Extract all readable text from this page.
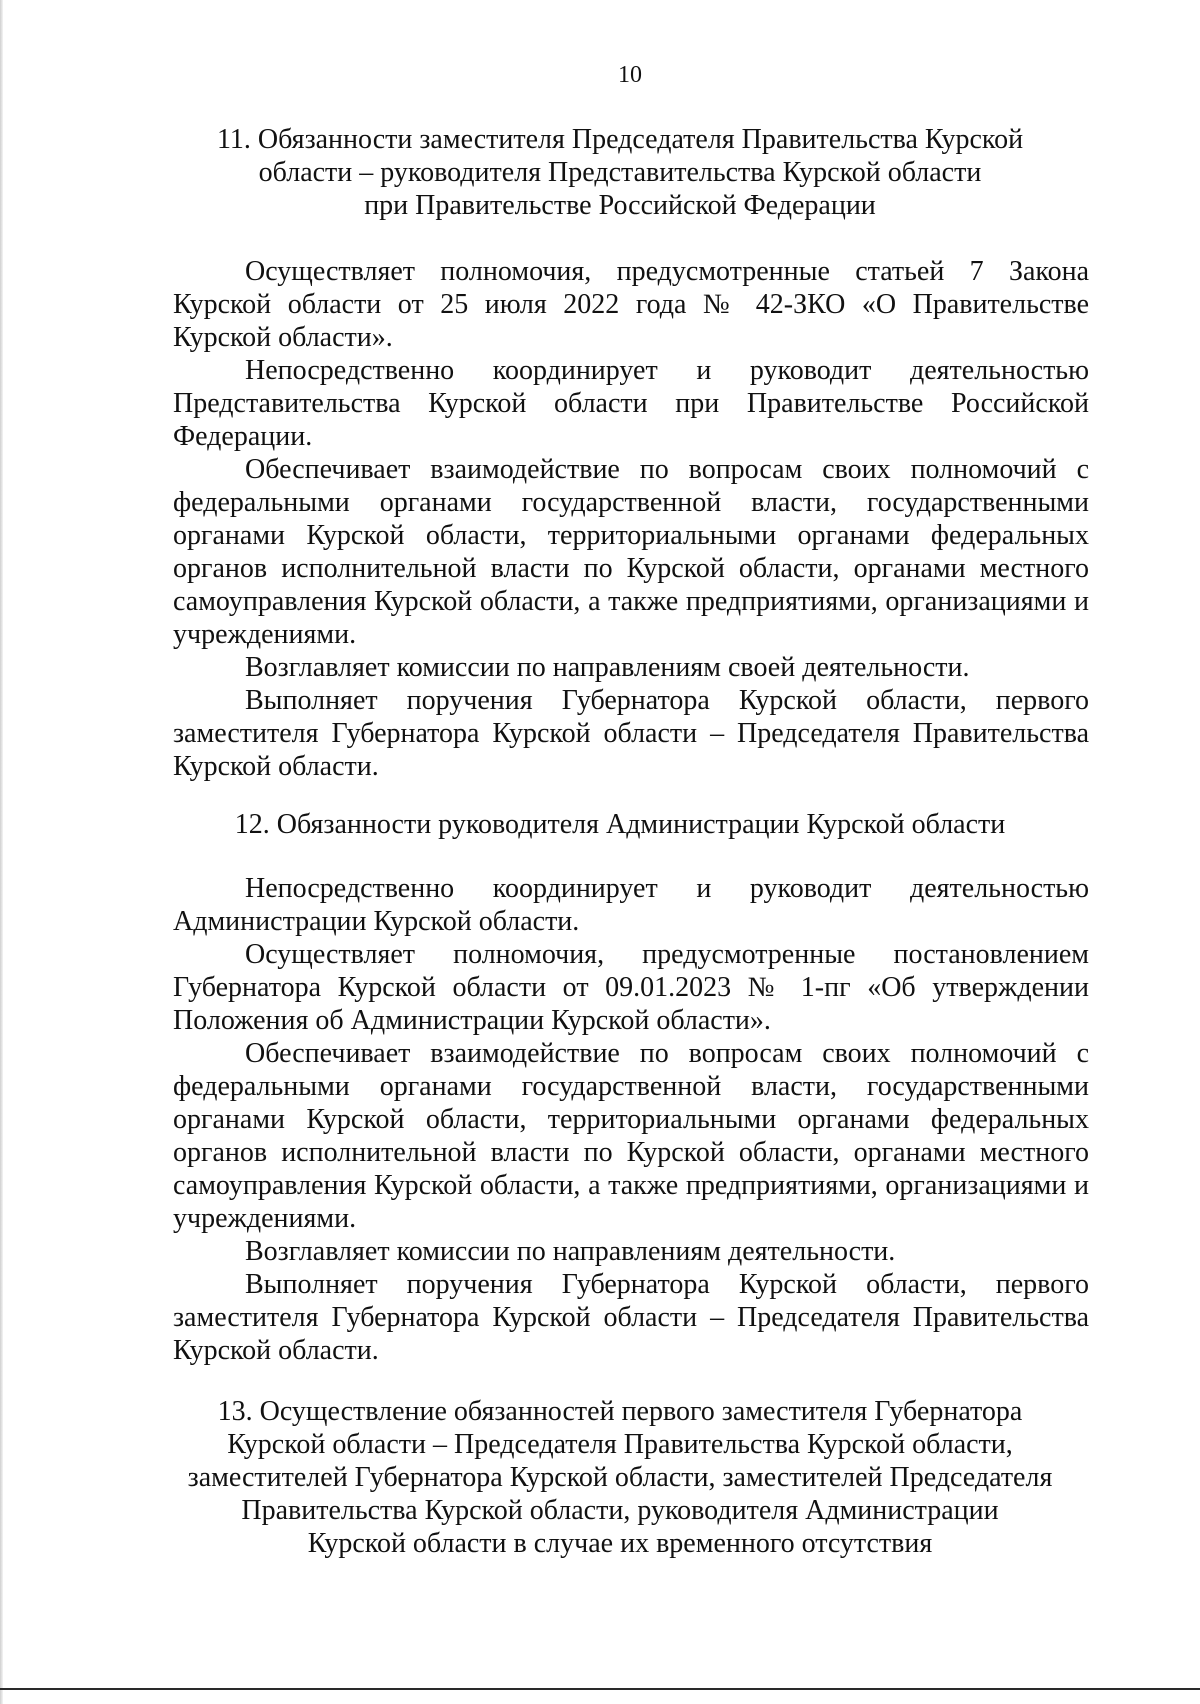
10
11. Обязанности заместителя Председателя Правительства Курской
области – руководителя Представительства Курской области
при Правительстве Российской Федерации

Осуществляет полномочия, предусмотренные статьей 7 Закона Курской области от 25 июля 2022 года № 42-ЗКО «О Правительстве Курской области».

Непосредственно координирует и руководит деятельностью Представительства Курской области при Правительстве Российской Федерации.

Обеспечивает взаимодействие по вопросам своих полномочий с федеральными органами государственной власти, государственными органами Курской области, территориальными органами федеральных органов исполнительной власти по Курской области, органами местного самоуправления Курской области, а также предприятиями, организациями и учреждениями.

Возглавляет комиссии по направлениям своей деятельности.

Выполняет поручения Губернатора Курской области, первого заместителя Губернатора Курской области – Председателя Правительства Курской области.

12. Обязанности руководителя Администрации Курской области

Непосредственно координирует и руководит деятельностью Администрации Курской области.

Осуществляет полномочия, предусмотренные постановлением Губернатора Курской области от 09.01.2023 № 1-пг «Об утверждении Положения об Администрации Курской области».

Обеспечивает взаимодействие по вопросам своих полномочий с федеральными органами государственной власти, государственными органами Курской области, территориальными органами федеральных органов исполнительной власти по Курской области, органами местного самоуправления Курской области, а также предприятиями, организациями и учреждениями.

Возглавляет комиссии по направлениям деятельности.

Выполняет поручения Губернатора Курской области, первого заместителя Губернатора Курской области – Председателя Правительства Курской области.

13. Осуществление обязанностей первого заместителя Губернатора
Курской области – Председателя Правительства Курской области,
заместителей Губернатора Курской области, заместителей Председателя
Правительства Курской области, руководителя Администрации
Курской области в случае их временного отсутствия
